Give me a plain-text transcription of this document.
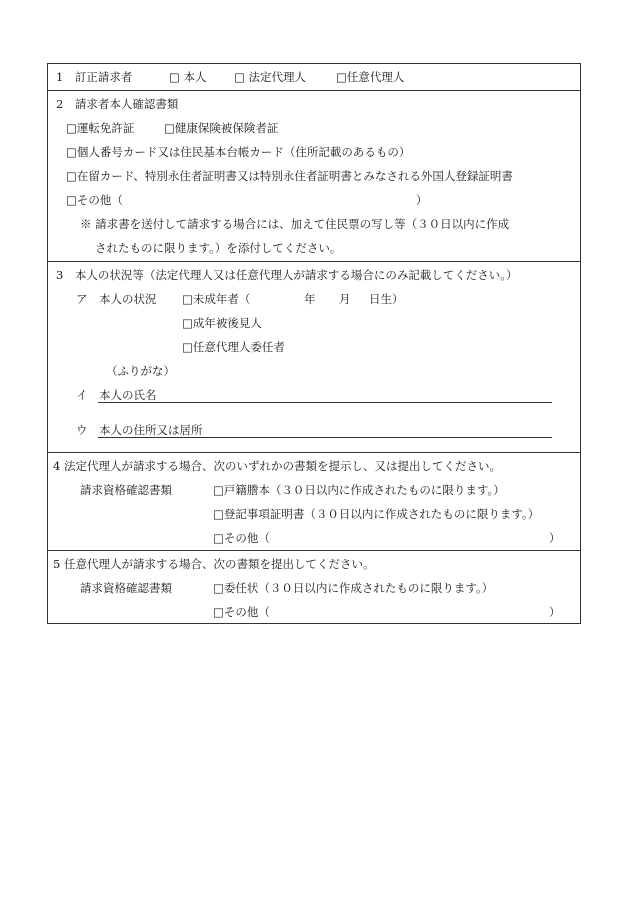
1　訂正請求者	□ 本人 □ 法定代理人	□任意代理人
2　請求者本人確認書類
□運転免許証	□健康保険被保険者証
□個人番号カード又は住民基本台帳カード（住所記載のあるもの）
□在留カード、特別永住者証明書又は特別永住者証明書とみなされる外国人登録証明書
□その他（	）
※ 請求書を送付して請求する場合には、加えて住民票の写し等（３０日以内に作成
されたものに限ります。）を添付してください。
3　本人の状況等（法定代理人又は任意代理人が請求する場合にのみ記載してください。）
ア　本人の状況 □未成年者（	年 月 日生）
□成年被後見人
□任意代理人委任者
（ふりがな）
イ 本人の氏名
ウ 本人の住所又は居所
4 法定代理人が請求する場合、次のいずれかの書類を提示し、又は提出してください。
請求資格確認書類	□戸籍謄本（３０日以内に作成されたものに限ります。）
□登記事項証明書（３０日以内に作成されたものに限ります。）
□その他（	）
5 任意代理人が請求する場合、次の書類を提出してください。
請求資格確認書類	□委任状（３０日以内に作成されたものに限ります。）
□その他（	）
